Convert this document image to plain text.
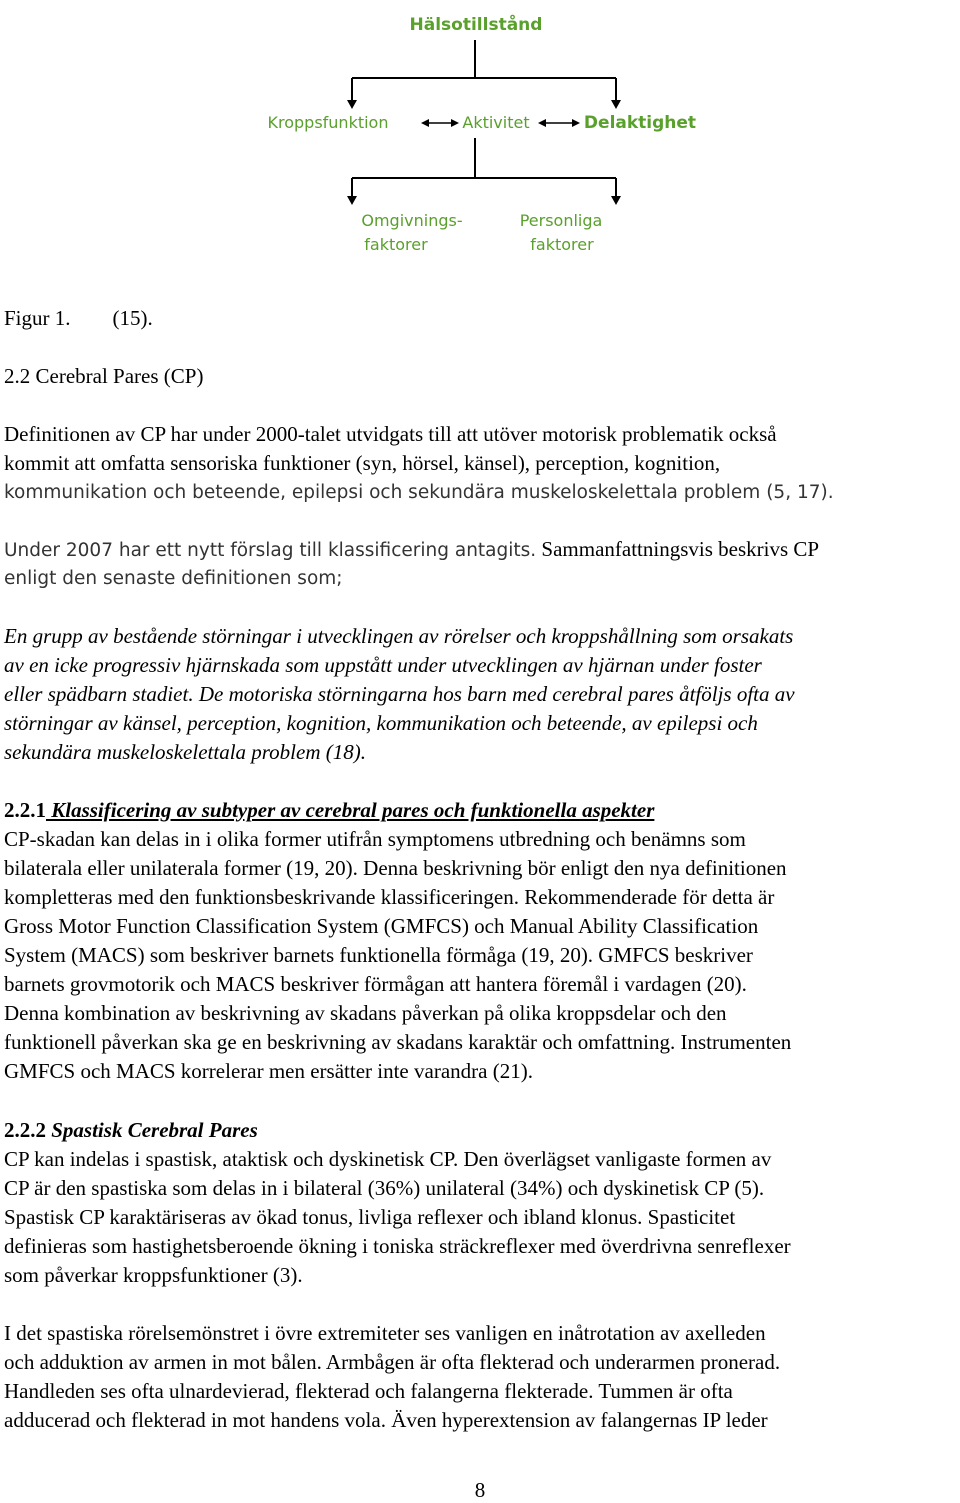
Hälsotillstånd
Kroppsfunktion	Aktivitet	Delaktighet
Omgivnings-
faktorer
Personliga
faktorer
Figur 1. (15).
2.2 Cerebral Pares (CP)
Definitionen av CP har under 2000-talet utvidgats till att utöver motorisk problematik också
kommit att omfatta sensoriska funktioner (syn, hörsel, känsel), perception, kognition,
kommunikation och beteende, epilepsi och sekundära muskeloskelettala problem (5, 17).
Under 2007 har ett nytt förslag till klassificering antagits. Sammanfattningsvis beskrivs CP
enligt den senaste definitionen som;
En grupp av bestående störningar i utvecklingen av rörelser och kroppshållning som orsakats
av en icke progressiv hjärnskada som uppstått under utvecklingen av hjärnan under foster
eller spädbarn stadiet. De motoriska störningarna hos barn med cerebral pares åtföljs ofta av
störningar av känsel, perception, kognition, kommunikation och beteende, av epilepsi och
sekundära muskeloskelettala problem (18).
2.2.1 Klassificering av subtyper av cerebral pares och funktionella aspekter
CP-skadan kan delas in i olika former utifrån symptomens utbredning och benämns som
bilaterala eller unilaterala former (19, 20). Denna beskrivning bör enligt den nya definitionen
kompletteras med den funktionsbeskrivande klassificeringen. Rekommenderade för detta är
Gross Motor Function Classification System (GMFCS) och Manual Ability Classification
System (MACS) som beskriver barnets funktionella förmåga (19, 20). GMFCS beskriver
barnets grovmotorik och MACS beskriver förmågan att hantera föremål i vardagen (20).
Denna kombination av beskrivning av skadans påverkan på olika kroppsdelar och den
funktionell påverkan ska ge en beskrivning av skadans karaktär och omfattning. Instrumenten
GMFCS och MACS korrelerar men ersätter inte varandra (21).
2.2.2 Spastisk Cerebral Pares
CP kan indelas i spastisk, ataktisk och dyskinetisk CP. Den överlägset vanligaste formen av
CP är den spastiska som delas in i bilateral (36%) unilateral (34%) och dyskinetisk CP (5).
Spastisk CP karaktäriseras av ökad tonus, livliga reflexer och ibland klonus. Spasticitet
definieras som hastighetsberoende ökning i toniska sträckreflexer med överdrivna senreflexer
som påverkar kroppsfunktioner (3).
I det spastiska rörelsemönstret i övre extremiteter ses vanligen en inåtrotation av axelleden
och adduktion av armen in mot bålen. Armbågen är ofta flekterad och underarmen pronerad.
Handleden ses ofta ulnardevierad, flekterad och falangerna flekterade. Tummen är ofta
adducerad och flekterad in mot handens vola. Även hyperextension av falangernas IP leder
8
